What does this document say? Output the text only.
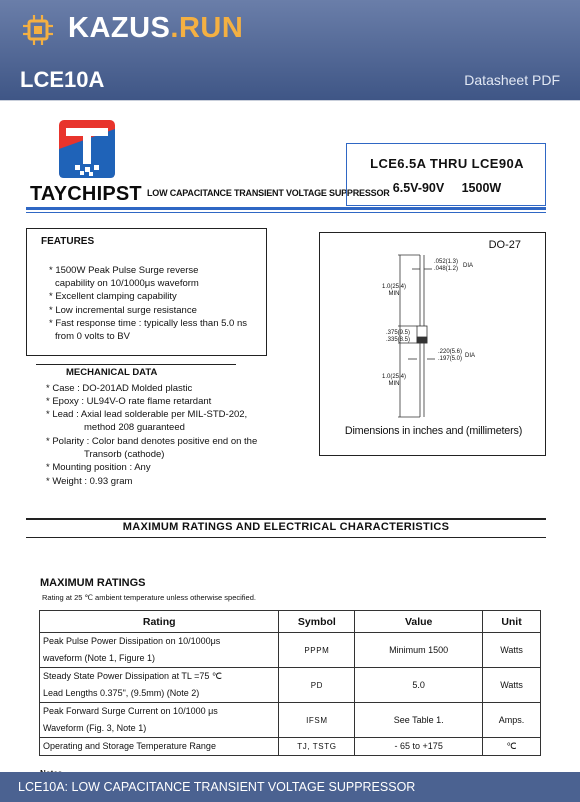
KAZUS.RUN
LCE10A	Datasheet PDF
TAYCHIPST LOW CAPACITANCE TRANSIENT VOLTAGE SUPPRESSOR
LCE6.5A THRU LCE90A
6.5V-90V     1500W
FEATURES
* 1500W Peak Pulse Surge reverse
capability on 10/1000μs waveform
* Excellent clamping capability
* Low incremental surge resistance
* Fast response time : typically less than 5.0 ns
from 0 volts to BV
MECHANICAL DATA
* Case : DO-201AD Molded plastic
* Epoxy : UL94V-O rate flame retardant
* Lead : Axial lead solderable per MIL-STD-202,
method 208 guaranteed
* Polarity : Color band denotes positive end on the
Transorb (cathode)
* Mounting position : Any
* Weight : 0.93 gram
DO-27
.052(1.3)
.048(1.2) DIA
1.0(25.4)
MIN
.375(9.5)
.335(8.5)
.220(5.6)
.197(5.0) DIA
1.0(25.4)
MIN
Dimensions in inches and (millimeters)
MAXIMUM RATINGS AND ELECTRICAL CHARACTERISTICS
MAXIMUM RATINGS
Rating at 25 ℃ ambient temperature unless otherwise specified.
Rating	Symbol	Value	Unit

Peak Pulse Power Dissipation on 10/1000μs
waveform (Note 1, Figure 1)	PPPM	Minimum 1500	Watts

Steady State Power Dissipation at TL =75 ℃
Lead Lengths 0.375", (9.5mm) (Note 2)	PD	5.0	Watts

Peak Forward Surge Current on 10/1000 μs
Waveform (Fig. 3, Note 1)	IFSM	See Table 1.	Amps.

Operating and Storage Temperature Range	TJ, TSTG	- 65 to +175	℃
LCE10A: LOW CAPACITANCE TRANSIENT VOLTAGE SUPPRESSOR
